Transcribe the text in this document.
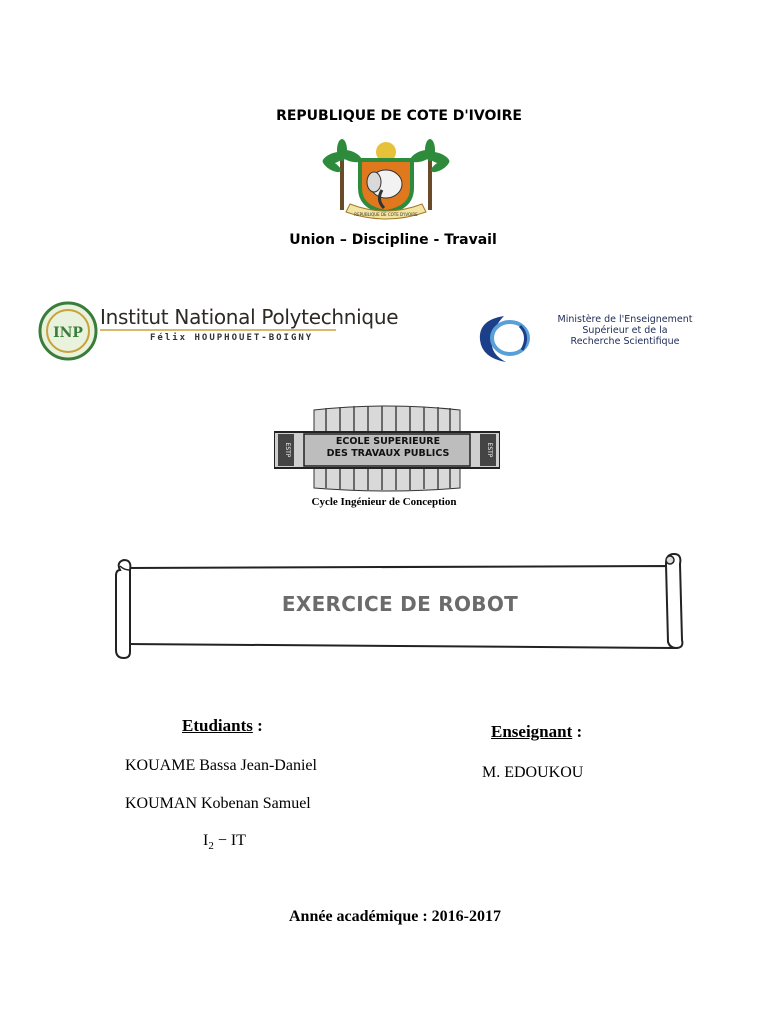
REPUBLIQUE DE COTE D'IVOIRE
REPUBLIQUE DE COTE D'IVOIRE
Union – Discipline - Travail
INP
Institut National Polytechnique
Félix HOUPHOUET-BOIGNY
Ministère de l'Enseignement
Supérieur et de la
Recherche Scientifique
ESTP	ESTP
ECOLE SUPERIEURE
DES TRAVAUX PUBLICS
Cycle Ingénieur de Conception
EXERCICE DE ROBOT
Etudiants :
KOUAME Bassa Jean-Daniel
KOUMAN Kobenan Samuel
$I_2$ − IT
Enseignant :
M. EDOUKOU
Année académique : 2016-2017
